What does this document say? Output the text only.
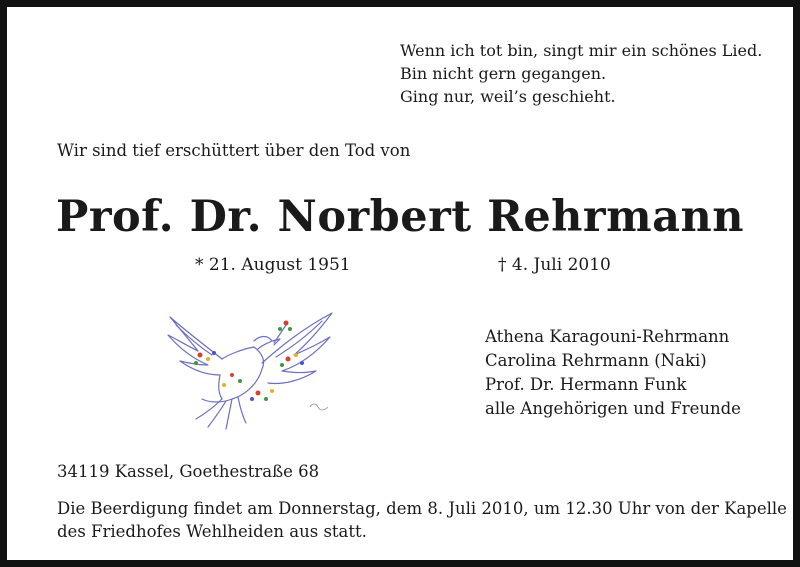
Wenn ich tot bin, singt mir ein schönes Lied.
Bin nicht gern gegangen.
Ging nur, weil’s geschieht.
Wir sind tief erschüttert über den Tod von
Prof. Dr. Norbert Rehrmann
* 21. August 1951	† 4. Juli 2010
Athena Karagouni-Rehrmann
Carolina Rehrmann (Naki)
Prof. Dr. Hermann Funk
alle Angehörigen und Freunde
34119 Kassel, Goethestraße 68
Die Beerdigung findet am Donnerstag, dem 8. Juli 2010, um 12.30 Uhr von der Kapelle
des Friedhofes Wehlheiden aus statt.
